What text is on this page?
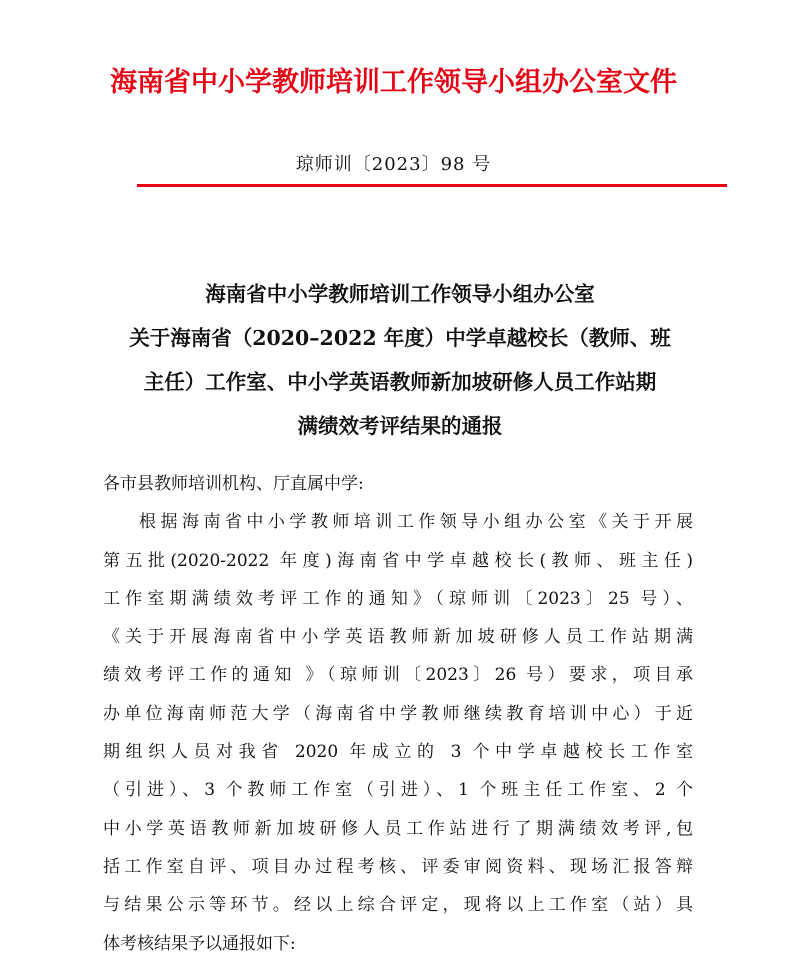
海南省中小学教师培训工作领导小组办公室文件
琼师训〔2023〕98 号
海南省中小学教师培训工作领导小组办公室
关于海南省（2020–2022 年度）中学卓越校长（教师、班
主任）工作室、中小学英语教师新加坡研修人员工作站期
满绩效考评结果的通报
各市县教师培训机构、厅直属中学:
根据海南省中小学教师培训工作领导小组办公室《关于开展
第五批(2020-2022 年度)海南省中学卓越校长(教师、班主任)
工作室期满绩效考评工作的通知》（琼师训〔2023〕25 号）、
《关于开展海南省中小学英语教师新加坡研修人员工作站期满
绩效考评工作的通知 》（琼师训〔2023〕26 号）要求，项目承
办单位海南师范大学（海南省中学教师继续教育培训中心）于近
期组织人员对我省 2020 年成立的 3 个中学卓越校长工作室
（引进）、3 个教师工作室（引进）、1 个班主任工作室、2 个
中小学英语教师新加坡研修人员工作站进行了期满绩效考评,包
括工作室自评、项目办过程考核、评委审阅资料、现场汇报答辩
与结果公示等环节。经以上综合评定，现将以上工作室（站）具
体考核结果予以通报如下:
